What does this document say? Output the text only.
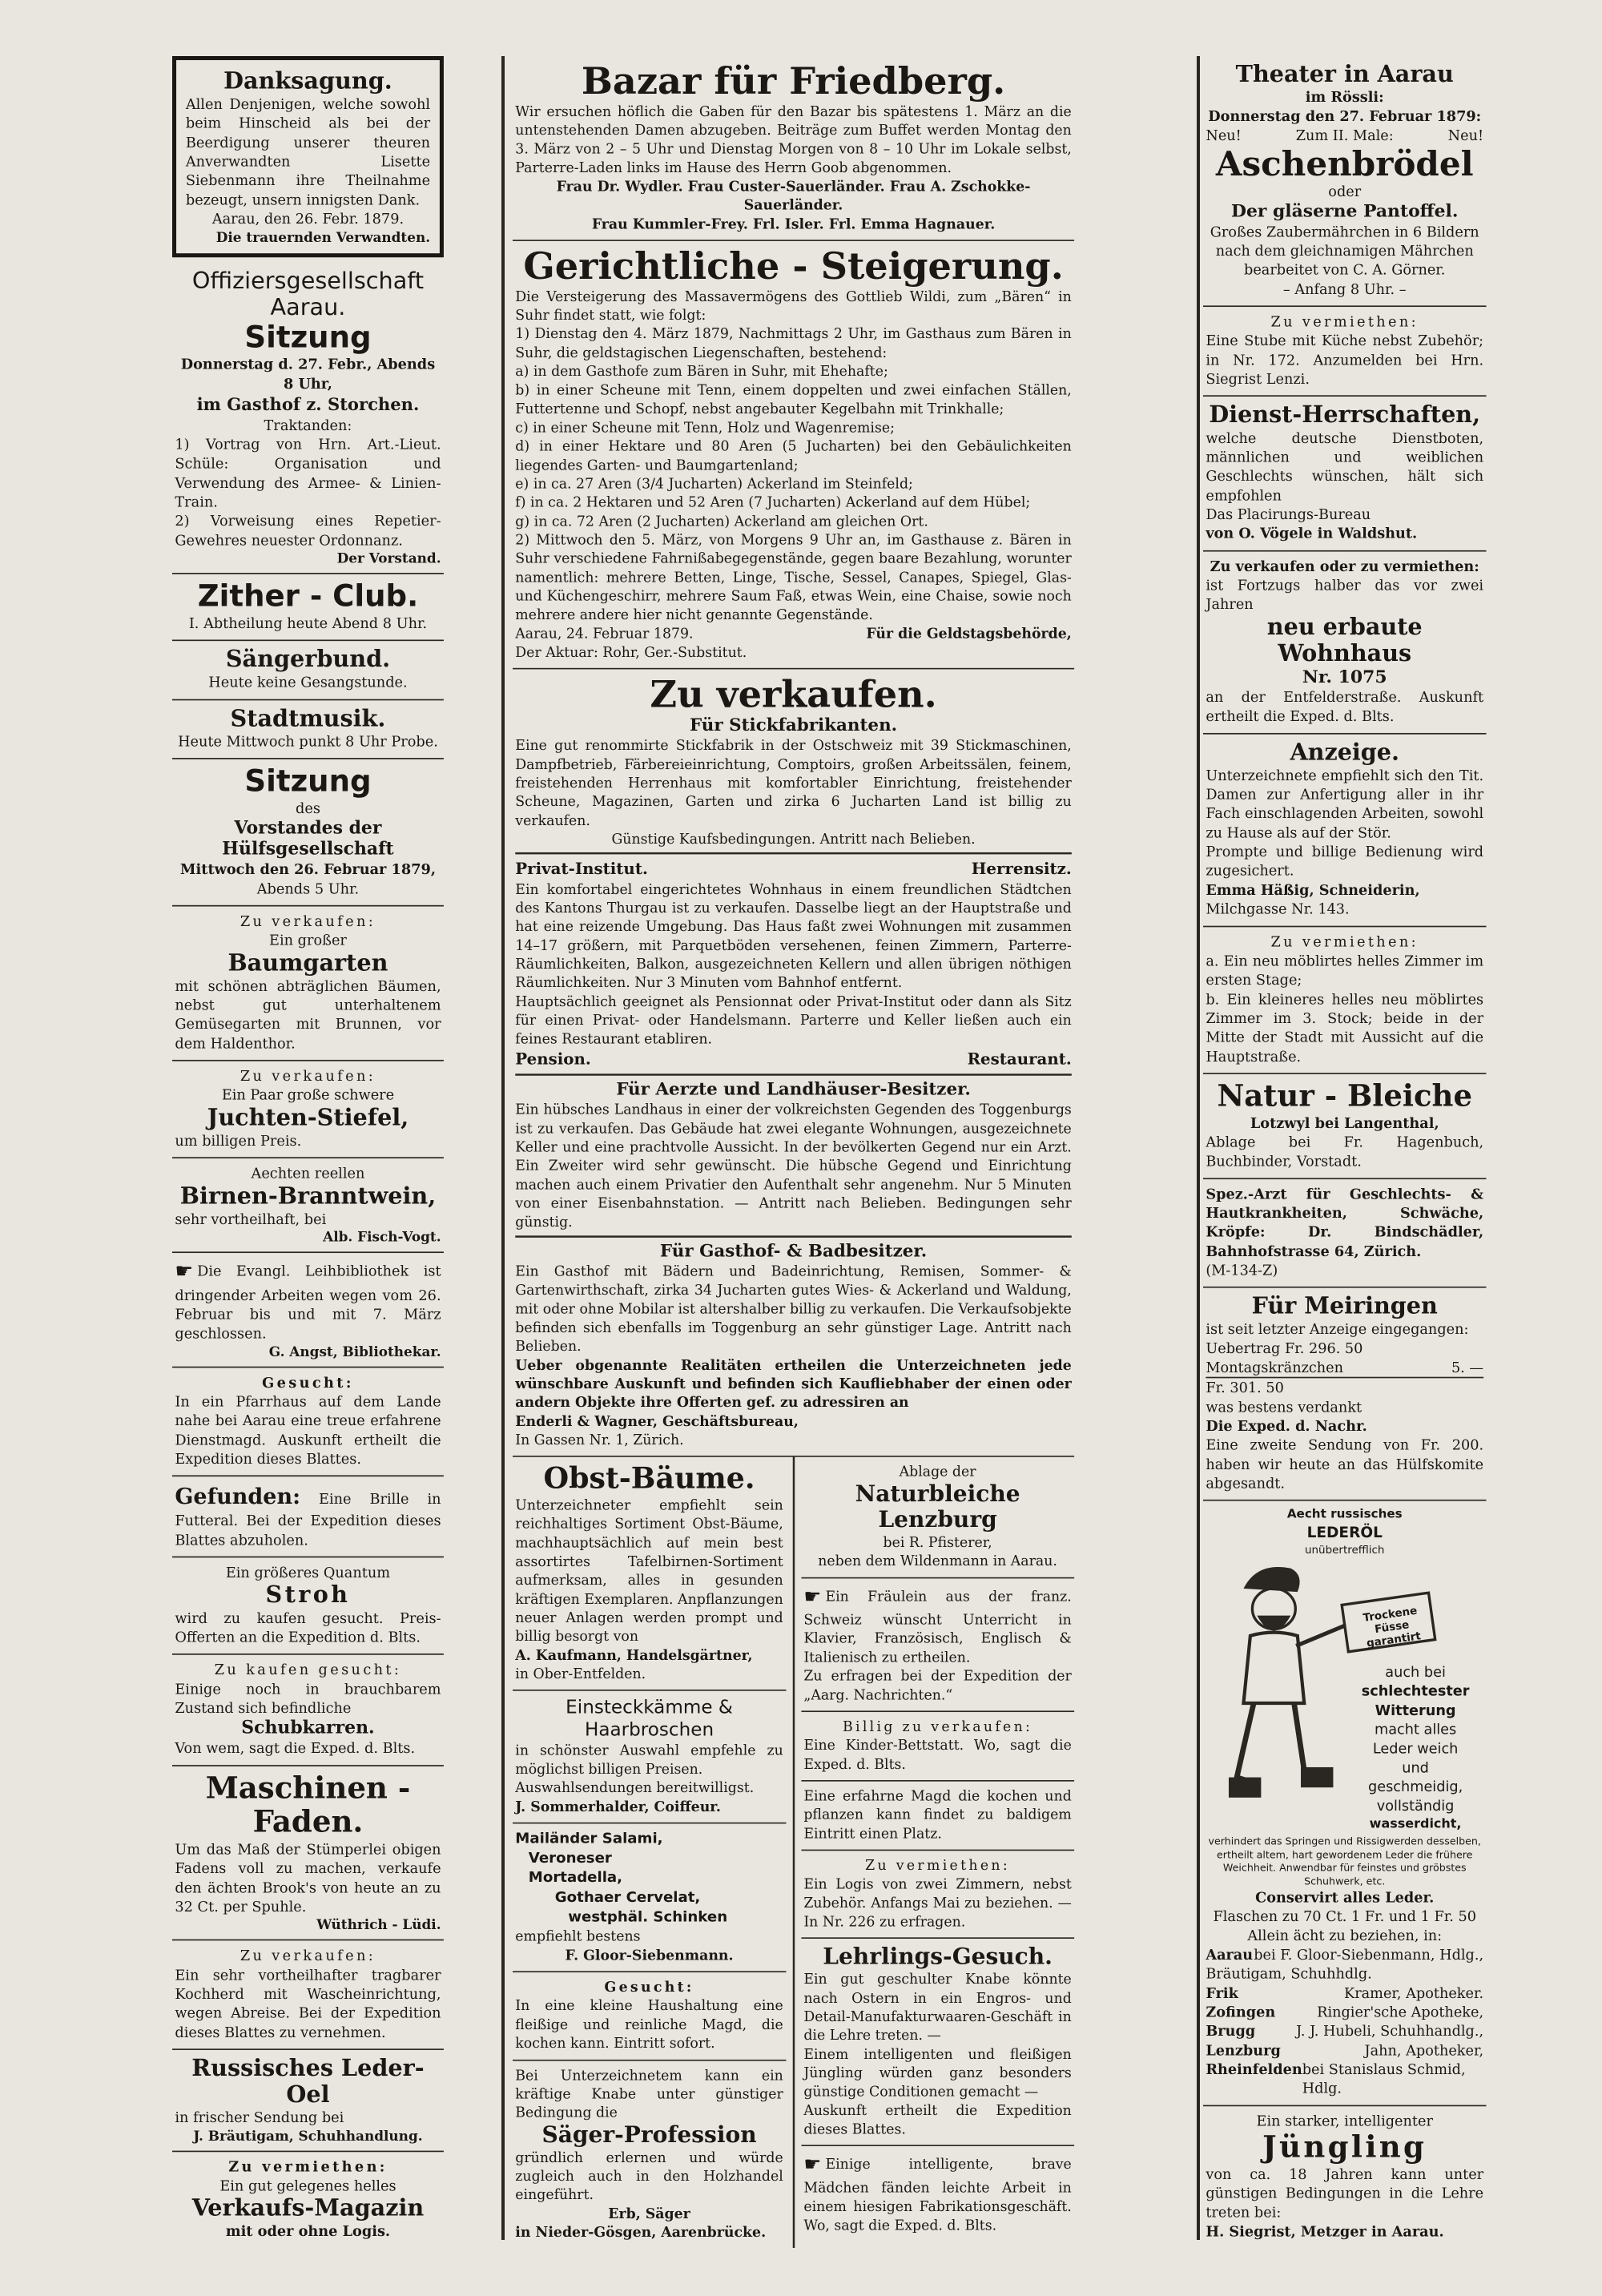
Danksagung.
Allen Denjenigen, welche sowohl beim Hinscheid als bei der Beerdigung unserer theuren Anverwandten Lisette Siebenmann ihre Theilnahme bezeugt, unsern innigsten Dank.
Aarau, den 26. Febr. 1879.
Die trauernden Verwandten.
Offiziersgesellschaft Aarau.
Sitzung
Donnerstag d. 27. Febr., Abends 8 Uhr,
im Gasthof z. Storchen.
Traktanden:
1) Vortrag von Hrn. Art.-Lieut. Schüle: Organisation und Verwendung des Armee- & Linien-Train.
2) Vorweisung eines Repetier-Gewehres neuester Ordonnanz.
Der Vorstand.
Zither - Club.
I. Abtheilung heute Abend 8 Uhr.
Sängerbund.
Heute keine Gesangstunde.
Stadtmusik.
Heute Mittwoch punkt 8 Uhr Probe.
Sitzung
des
Vorstandes der Hülfsgesellschaft
Mittwoch den 26. Februar 1879,
Abends 5 Uhr.
Zu verkaufen:
Ein großer
Baumgarten
mit schönen abträglichen Bäumen, nebst gut unterhaltenem Gemüsegarten mit Brunnen, vor dem Haldenthor.
Zu verkaufen:
Ein Paar große schwere
Juchten-Stiefel,
um billigen Preis.
Aechten reellen
Birnen-Branntwein,
sehr vortheilhaft, bei
Alb. Fisch-Vogt.
☛ Die Evangl. Leihbibliothek ist dringender Arbeiten wegen vom 26. Februar bis und mit 7. März geschlossen.
G. Angst, Bibliothekar.
Gesucht:
In ein Pfarrhaus auf dem Lande nahe bei Aarau eine treue erfahrene Dienstmagd. Auskunft ertheilt die Expedition dieses Blattes.
Gefunden: Eine Brille in Futteral. Bei der Expedition dieses Blattes abzuholen.
Ein größeres Quantum
Stroh
wird zu kaufen gesucht. Preis-Offerten an die Expedition d. Blts.
Zu kaufen gesucht:
Einige noch in brauchbarem Zustand sich befindliche
Schubkarren.
Von wem, sagt die Exped. d. Blts.
Maschinen - Faden.
Um das Maß der Stümperlei obigen Fadens voll zu machen, verkaufe den ächten Brook's von heute an zu 32 Ct. per Spuhle.
Wüthrich - Lüdi.
Zu verkaufen:
Ein sehr vortheilhafter tragbarer Kochherd mit Wascheinrichtung, wegen Abreise. Bei der Expedition dieses Blattes zu vernehmen.
Russisches Leder-Oel
in frischer Sendung bei
J. Bräutigam, Schuhhandlung.
Zu vermiethen:
Ein gut gelegenes helles
Verkaufs-Magazin
mit oder ohne Logis.
Bazar für Friedberg.
Wir ersuchen höflich die Gaben für den Bazar bis spätestens 1. März an die untenstehenden Damen abzugeben. Beiträge zum Buffet werden Montag den 3. März von 2 – 5 Uhr und Dienstag Morgen von 8 – 10 Uhr im Lokale selbst, Parterre-Laden links im Hause des Herrn Goob abgenommen.
Frau Dr. Wydler. Frau Custer-Sauerländer. Frau A. Zschokke-Sauerländer.
Frau Kummler-Frey. Frl. Isler. Frl. Emma Hagnauer.
Gerichtliche - Steigerung.
Die Versteigerung des Massavermögens des Gottlieb Wildi, zum „Bären“ in Suhr findet statt, wie folgt:
1) Dienstag den 4. März 1879, Nachmittags 2 Uhr, im Gasthaus zum Bären in Suhr, die geldstagischen Liegenschaften, bestehend:
a) in dem Gasthofe zum Bären in Suhr, mit Ehehafte;
b) in einer Scheune mit Tenn, einem doppelten und zwei einfachen Ställen, Futtertenne und Schopf, nebst angebauter Kegelbahn mit Trinkhalle;
c) in einer Scheune mit Tenn, Holz und Wagenremise;
d) in einer Hektare und 80 Aren (5 Jucharten) bei den Gebäulichkeiten liegendes Garten- und Baumgartenland;
e) in ca. 27 Aren (3/4 Jucharten) Ackerland im Steinfeld;
f) in ca. 2 Hektaren und 52 Aren (7 Jucharten) Ackerland auf dem Hübel;
g) in ca. 72 Aren (2 Jucharten) Ackerland am gleichen Ort.
2) Mittwoch den 5. März, von Morgens 9 Uhr an, im Gasthause z. Bären in Suhr verschiedene Fahrnißabegegenstände, gegen baare Bezahlung, worunter namentlich: mehrere Betten, Linge, Tische, Sessel, Canapes, Spiegel, Glas- und Küchengeschirr, mehrere Saum Faß, etwas Wein, eine Chaise, sowie noch mehrere andere hier nicht genannte Gegenstände.
Aarau, 24. Februar 1879.	Für die Geldstagsbehörde,
Der Aktuar: Rohr, Ger.-Substitut.
Zu verkaufen.
Für Stickfabrikanten.
Eine gut renommirte Stickfabrik in der Ostschweiz mit 39 Stickmaschinen, Dampfbetrieb, Färbereieinrichtung, Comptoirs, großen Arbeitssälen, feinem, freistehenden Herrenhaus mit komfortabler Einrichtung, freistehender Scheune, Magazinen, Garten und zirka 6 Jucharten Land ist billig zu verkaufen.
Günstige Kaufsbedingungen. Antritt nach Belieben.
Privat-Institut.	Herrensitz.
Ein komfortabel eingerichtetes Wohnhaus in einem freundlichen Städtchen des Kantons Thurgau ist zu verkaufen. Dasselbe liegt an der Hauptstraße und hat eine reizende Umgebung. Das Haus faßt zwei Wohnungen mit zusammen 14–17 größern, mit Parquetböden versehenen, feinen Zimmern, Parterre-Räumlichkeiten, Balkon, ausgezeichneten Kellern und allen übrigen nöthigen Räumlichkeiten. Nur 3 Minuten vom Bahnhof entfernt.
Hauptsächlich geeignet als Pensionnat oder Privat-Institut oder dann als Sitz für einen Privat- oder Handelsmann. Parterre und Keller ließen auch ein feines Restaurant etabliren.
Pension.	Restaurant.
Für Aerzte und Landhäuser-Besitzer.
Ein hübsches Landhaus in einer der volkreichsten Gegenden des Toggenburgs ist zu verkaufen. Das Gebäude hat zwei elegante Wohnungen, ausgezeichnete Keller und eine prachtvolle Aussicht. In der bevölkerten Gegend nur ein Arzt. Ein Zweiter wird sehr gewünscht. Die hübsche Gegend und Einrichtung machen auch einem Privatier den Aufenthalt sehr angenehm. Nur 5 Minuten von einer Eisenbahnstation. — Antritt nach Belieben. Bedingungen sehr günstig.
Für Gasthof- & Badbesitzer.
Ein Gasthof mit Bädern und Badeinrichtung, Remisen, Sommer- & Gartenwirthschaft, zirka 34 Jucharten gutes Wies- & Ackerland und Waldung, mit oder ohne Mobilar ist altershalber billig zu verkaufen. Die Verkaufsobjekte befinden sich ebenfalls im Toggenburg an sehr günstiger Lage. Antritt nach Belieben.
Ueber obgenannte Realitäten ertheilen die Unterzeichneten jede wünschbare Auskunft und befinden sich Kaufliebhaber der einen oder andern Objekte ihre Offerten gef. zu adressiren an
Enderli & Wagner, Geschäftsbureau,
In Gassen Nr. 1, Zürich.
Obst-Bäume.
Unterzeichneter empfiehlt sein reichhaltiges Sortiment Obst-Bäume, machhauptsächlich auf mein best assortirtes Tafelbirnen-Sortiment aufmerksam, alles in gesunden kräftigen Exemplaren. Anpflanzungen neuer Anlagen werden prompt und billig besorgt von
A. Kaufmann, Handelsgärtner,
in Ober-Entfelden.
Einsteckkämme & Haarbroschen
in schönster Auswahl empfehle zu möglichst billigen Preisen.
Auswahlsendungen bereitwilligst.
J. Sommerhalder, Coiffeur.
Mailänder Salami,
Veroneser
Mortadella,
Gothaer Cervelat,
westphäl. Schinken
empfiehlt bestens
F. Gloor-Siebenmann.
Gesucht:
In eine kleine Haushaltung eine fleißige und reinliche Magd, die kochen kann. Eintritt sofort.
Bei Unterzeichnetem kann ein kräftige Knabe unter günstiger Bedingung die
Säger-Profession
gründlich erlernen und würde zugleich auch in den Holzhandel eingeführt.
Erb, Säger
in Nieder-Gösgen, Aarenbrücke.
Ablage der
Naturbleiche Lenzburg
bei R. Pfisterer,
neben dem Wildenmann in Aarau.
☛ Ein Fräulein aus der franz. Schweiz wünscht Unterricht in Klavier, Französisch, Englisch & Italienisch zu ertheilen.
Zu erfragen bei der Expedition der „Aarg. Nachrichten.“
Billig zu verkaufen:
Eine Kinder-Bettstatt. Wo, sagt die Exped. d. Blts.
Eine erfahrne Magd die kochen und pflanzen kann findet zu baldigem Eintritt einen Platz.
Zu vermiethen:
Ein Logis von zwei Zimmern, nebst Zubehör. Anfangs Mai zu beziehen. — In Nr. 226 zu erfragen.
Lehrlings-Gesuch.
Ein gut geschulter Knabe könnte nach Ostern in ein Engros- und Detail-Manufakturwaaren-Geschäft in die Lehre treten. —
Einem intelligenten und fleißigen Jüngling würden ganz besonders günstige Conditionen gemacht —
Auskunft ertheilt die Expedition dieses Blattes.
☛ Einige intelligente, brave Mädchen fänden leichte Arbeit in einem hiesigen Fabrikationsgeschäft. Wo, sagt die Exped. d. Blts.
Theater in Aarau
im Rössli:
Donnerstag den 27. Februar 1879:
Neu!	Zum II. Male:	Neu!
Aschenbrödel
oder
Der gläserne Pantoffel.
Großes Zaubermährchen in 6 Bildern nach dem gleichnamigen Mährchen bearbeitet von C. A. Görner.
– Anfang 8 Uhr. –
Zu vermiethen:
Eine Stube mit Küche nebst Zubehör; in Nr. 172. Anzumelden bei Hrn. Siegrist Lenzi.
Dienst-Herrschaften,
welche deutsche Dienstboten, männlichen und weiblichen Geschlechts wünschen, hält sich empfohlen
Das Placirungs-Bureau
von O. Vögele in Waldshut.
Zu verkaufen oder zu vermiethen:
ist Fortzugs halber das vor zwei Jahren
neu erbaute Wohnhaus
Nr. 1075
an der Entfelderstraße. Auskunft ertheilt die Exped. d. Blts.
Anzeige.
Unterzeichnete empfiehlt sich den Tit. Damen zur Anfertigung aller in ihr Fach einschlagenden Arbeiten, sowohl zu Hause als auf der Stör.
Prompte und billige Bedienung wird zugesichert.
Emma Häßig, Schneiderin,
Milchgasse Nr. 143.
Zu vermiethen:
a. Ein neu möblirtes helles Zimmer im ersten Stage;
b. Ein kleineres helles neu möblirtes Zimmer im 3. Stock; beide in der Mitte der Stadt mit Aussicht auf die Hauptstraße.
Natur - Bleiche
Lotzwyl bei Langenthal,
Ablage bei Fr. Hagenbuch, Buchbinder, Vorstadt.
Spez.-Arzt für Geschlechts- & Hautkrankheiten, Schwäche, Kröpfe: Dr. Bindschädler, Bahnhofstrasse 64, Zürich.
(M-134-Z)
Für Meiringen
ist seit letzter Anzeige eingegangen:
Uebertrag Fr. 296. 50
Montagskränzchen	5. —
Fr. 301. 50
was bestens verdankt
Die Exped. d. Nachr.
Eine zweite Sendung von Fr. 200. haben wir heute an das Hülfskomite abgesandt.
Aecht russisches
LEDERÖL
unübertrefflich
Trockene Füsse garantirt
auch bei
schlechtester Witterung
macht alles Leder weich und geschmeidig, vollständig
wasserdicht,
verhindert das Springen und Rissigwerden desselben, ertheilt altem, hart gewordenem Leder die frühere Weichheit. Anwendbar für feinstes und gröbstes Schuhwerk, etc.
Conservirt alles Leder.
Flaschen zu 70 Ct. 1 Fr. und 1 Fr. 50
Allein ächt zu beziehen, in:
Aarau bei F. Gloor-Siebenmann, Hdlg.,
Bräutigam, Schuhhdlg.
Frik	Kramer, Apotheker.
Zofingen Ringier'sche Apotheke,
Brugg J. J. Hubeli, Schuhhandlg.,
Lenzburg	Jahn, Apotheker,
Rheinfelden bei Stanislaus Schmid, Hdlg.
Ein starker, intelligenter
Jüngling
von ca. 18 Jahren kann unter günstigen Bedingungen in die Lehre treten bei:
H. Siegrist, Metzger in Aarau.
